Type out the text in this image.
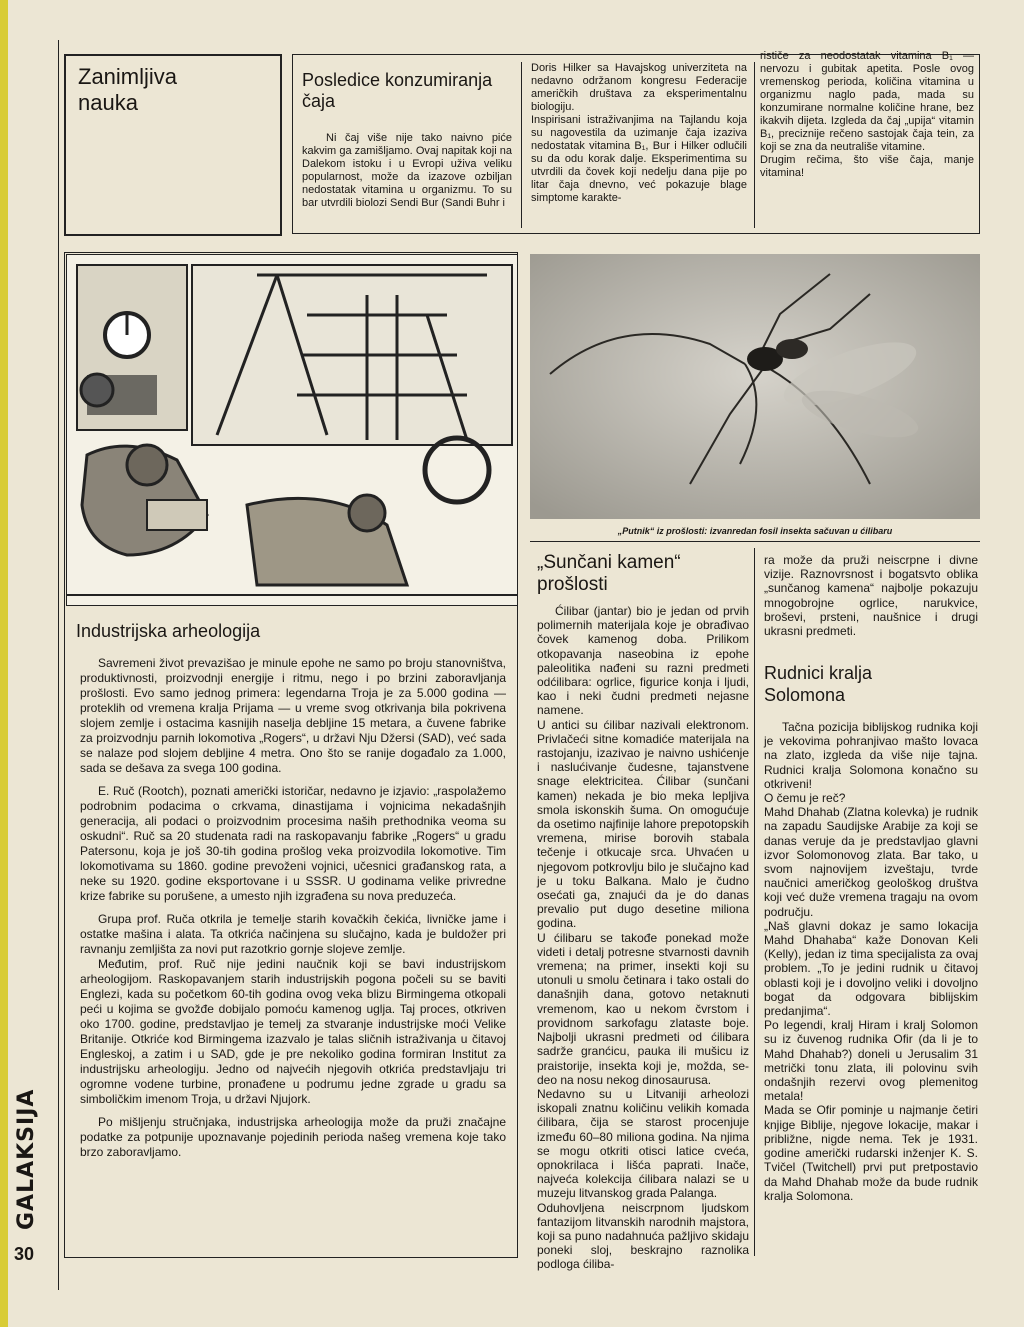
Zanimljiva nauka
Posledice konzumiranja čaja
Ni čaj više nije tako naivno piće kakvim ga zamišljamo. Ovaj napitak koji na Dalekom istoku i u Evropi uživa veliku popularnost, može da izazove ozbiljan nedostatak vitamina u organizmu. To su bar utvrdili biolozi Sendi Bur (Sandi Buhr i
Doris Hilker sa Havajskog univerziteta na nedavno održanom kongresu Federacije američkih društava za eksperimentalnu biologiju.
Inspirisani istraživanjima na Tajlandu koja su nagovestila da uzimanje čaja izaziva nedostatak vitamina B₁, Bur i Hilker odlučili su da odu korak dalje. Eksperimentima su utvrdili da čovek koji nedelju dana pije po litar čaja dnevno, već pokazuje blage simptome karakte-
rističe za neodostatak vitamina B₁ — nervozu i gubitak apetita. Posle ovog vremenskog perioda, količina vitamina u organizmu naglo pada, mada su konzumirane normalne količine hrane, bez ikakvih dijeta. Izgleda da čaj „upija“ vitamin B₁, preciznije rečeno sastojak čaja tein, za koji se zna da neutrališe vitamine.
Drugim rečima, što više čaja, manje vitamina!
Industrijska arheologija

Savremeni život prevazišao je minule epohe ne samo po broju stanovništva, produktivnosti, proizvodnji energije i ritmu, nego i po brzini zaboravljanja prošlosti. Evo samo jednog primera: legendarna Troja je za 5.000 godina — proteklih od vremena kralja Prijama — u vreme svog otkrivanja bila pokrivena slojem zemlje i ostacima kasnijih naselja debljine 15 metara, a čuvene fabrike za proizvodnju parnih lokomotiva „Rogers“, u državi Nju Džersi (SAD), već sada se nalaze pod slojem debljine 4 metra. Ono što se ranije događalo za 1.000, sada se dešava za svega 100 godina.

E. Ruč (Rootch), poznati američki istoričar, nedavno je izjavio: „raspolažemo podrobnim podacima o crkvama, dinastijama i vojnicima nekadašnjih generacija, ali podaci o proizvodnim procesima naših prethodnika veoma su oskudni“. Ruč sa 20 studenata radi na raskopavanju fabrike „Rogers“ u gradu Patersonu, koja je još 30-tih godina prošlog veka proizvodila lokomotive. Tim lokomotivama su 1860. godine prevoženi vojnici, učesnici građanskog rata, a neke su 1920. godine eksportovane i u SSSR. U godinama velike privredne krize fabrike su porušene, a umesto njih izgrađena su nova preduzeća.

Grupa prof. Ruča otkrila je temelje starih kovačkih čekića, livničke jame i ostatke mašina i alata. Ta otkrića načinjena su slučajno, kada je buldožer pri ravnanju zemljišta za novi put razotkrio gornje slojeve zemlje.

Međutim, prof. Ruč nije jedini naučnik koji se bavi industrijskom arheologijom. Raskopavanjem starih industrijskih pogona počeli su se baviti Englezi, kada su početkom 60-tih godina ovog veka blizu Birmingema otkopali peći u kojima se gvožđe dobijalo pomoću kamenog uglja. Taj proces, otkriven oko 1700. godine, predstavljao je temelj za stvaranje industrijske moći Velike Britanije. Otkriće kod Birmingema izazvalo je talas sličnih istraživanja u čitavoj Engleskoj, a zatim i u SAD, gde je pre nekoliko godina formiran Institut za industrijsku arheologiju. Jedno od najvećih njegovih otkrića predstavljaju tri ogromne vodene turbine, pronađene u podrumu jedne zgrade u gradu sa simboličkim imenom Troja, u državi Njujork.

Po mišljenju stručnjaka, industrijska arheologija može da pruži značajne podatke za potpunije upoznavanje pojedinih perioda našeg vremena koje tako brzo zaboravljamo.

„Putnik“ iz prošlosti: izvanredan fosil insekta sačuvan u ćilibaru
„Sunčani kamen“ prošlosti
Ćilibar (jantar) bio je jedan od prvih polimernih materijala koje je obrađivao čovek kamenog doba. Prilikom otkopavanja naseobina iz epohe paleolitika nađeni su razni predmeti odćilibara: ogrlice, figurice konja i ljudi, kao i neki čudni predmeti nejasne namene.
U antici su ćilibar nazivali elektronom. Privlačeći sitne komadiće materijala na rastojanju, izazivao je naivno ushićenje i naslućivanje čudesne, tajanstvene snage elektricitea. Ćilibar (sunčani kamen) nekada je bio meka lepljiva smola iskonskih šuma. On omogućuje da osetimo najfinije lahore prepotopskih vremena, mirise borovih stabala tečenje i otkucaje srca. Uhvaćen u njegovom potkrovlju bilo je slučajno kad je u toku Balkana. Malo je čudno osećati ga, znajući da je do danas prevalio put dugo desetine miliona godina.
U ćilibaru se takođe ponekad može videti i detalj potresne stvarnosti davnih vremena; na primer, insekti koji su utonuli u smolu četinara i tako ostali do današnjih dana, gotovo netaknuti vremenom, kao u nekom čvrstom i providnom sarkofagu zlataste boje. Najbolji ukrasni predmeti od ćilibara sadrže granćicu, pauka ili mušicu iz praistorije, insekta koji je, možda, se-deo na nosu nekog dinosaurusa.
Nedavno su u Litvaniji arheolozi iskopali znatnu količinu velikih komada ćilibara, čija se starost procenjuje između 60–80 miliona godina. Na njima se mogu otkriti otisci latice cveća, opnokrilaca i lišća paprati. Inače, najveća kolekcija ćilibara nalazi se u muzeju litvanskog grada Palanga.
Oduhovljena neiscrpnom ljudskom fantazijom litvanskih narodnih majstora, koji sa puno nadahnuća pažljivo skidaju poneki sloj, beskrajno raznolika podloga ćiliba-
ra može da pruži neiscrpne i divne vizije. Raznovrsnost i bogatsvto oblika „sunčanog kamena“ najbolje pokazuju mnogobrojne ogrlice, narukvice, broševi, prsteni, naušnice i drugi ukrasni predmeti.
Rudnici kralja Solomona
Tačna pozicija biblijskog rudnika koji je vekovima pohranjivao mašto lovaca na zlato, izgleda da više nije tajna. Rudnici kralja Solomona konačno su otkriveni!
O čemu je reč?
Mahd Dhahab (Zlatna kolevka) je rudnik na zapadu Saudijske Arabije za koji se danas veruje da je predstavljao glavni izvor Solomonovog zlata. Bar tako, u svom najnovijem izveštaju, tvrde naučnici američkog geološkog društva koji već duže vremena tragaju na ovom području.
„Naš glavni dokaz je samo lokacija Mahd Dhahaba“ kaže Donovan Keli (Kelly), jedan iz tima specijalista za ovaj problem. „To je jedini rudnik u čitavoj oblasti koji je i dovoljno veliki i dovoljno bogat da odgovara biblijskim predanjima“.
Po legendi, kralj Hiram i kralj Solomon su iz čuvenog rudnika Ofir (da li je to Mahd Dhahab?) doneli u Jerusalim 31 metrički tonu zlata, ili polovinu svih ondašnjih rezervi ovog plemenitog metala!
Mada se Ofir pominje u najmanje četiri knjige Biblije, njegove lokacije, makar i približne, nigde nema. Tek je 1931. godine američki rudarski inženjer K. S. Tvičel (Twitchell) prvi put pretpostavio da Mahd Dhahab može da bude rudnik kralja Solomona.
GALAKSIJA
30
